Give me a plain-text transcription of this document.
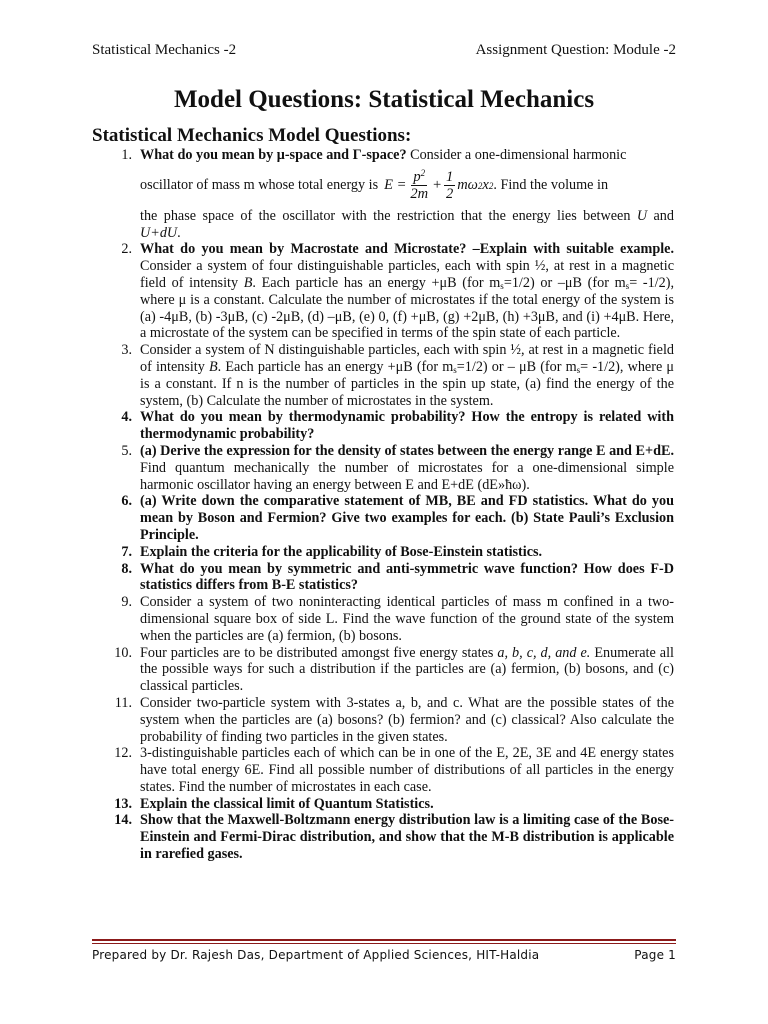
Statistical Mechanics -2	Assignment Question: Module -2
Model Questions: Statistical Mechanics
Statistical Mechanics Model Questions:
1. What do you mean by μ-space and Γ-space? Consider a one-dimensional harmonic
oscillator of mass m whose total energy is $E = \frac{p^2}{2m} + \frac{1}{2}$ mω 2 x 2 . Find the volume in
the phase space of the oscillator with the restriction that the energy lies between U and U+dU.
2. What do you mean by Macrostate and Microstate? –Explain with suitable example. Consider a system of four distinguishable particles, each with spin ½, at rest in a magnetic field of intensity B. Each particle has an energy +μB (for $m_s=1/2$) or –μB (for $m_s= -1/2$), where μ is a constant. Calculate the number of microstates if the total energy of the system is (a) -4μB, (b) -3μB, (c) -2μB, (d) –μB, (e) 0, (f) +μB, (g) +2μB, (h) +3μB, and (i) +4μB. Here, a microstate of the system can be specified in terms of the spin state of each particle.
3. Consider a system of N distinguishable particles, each with spin ½, at rest in a magnetic field of intensity B. Each particle has an energy +μB (for $m_s=1/2$) or – μB (for $m_s= -1/2$), where μ is a constant. If n is the number of particles in the spin up state, (a) find the energy of the system, (b) Calculate the number of microstates in the system.
4. What do you mean by thermodynamic probability? How the entropy is related with thermodynamic probability?
5. (a) Derive the expression for the density of states between the energy range E and E+dE. Find quantum mechanically the number of microstates for a one-dimensional simple harmonic oscillator having an energy between E and E+dE (dE»ħω).
6. (a) Write down the comparative statement of MB, BE and FD statistics. What do you mean by Boson and Fermion? Give two examples for each. (b) State Pauli’s Exclusion Principle.
7. Explain the criteria for the applicability of Bose-Einstein statistics.
8. What do you mean by symmetric and anti-symmetric wave function? How does F-D statistics differs from B-E statistics?
9. Consider a system of two noninteracting identical particles of mass m confined in a two-dimensional square box of side L. Find the wave function of the ground state of the system when the particles are (a) fermion, (b) bosons.
10. Four particles are to be distributed amongst five energy states a, b, c, d, and e. Enumerate all the possible ways for such a distribution if the particles are (a) fermion, (b) bosons, and (c) classical particles.
11. Consider two-particle system with 3-states a, b, and c. What are the possible states of the system when the particles are (a) bosons? (b) fermion? and (c) classical? Also calculate the probability of finding two particles in the given states.
12. 3-distinguishable particles each of which can be in one of the E, 2E, 3E and 4E energy states have total energy 6E. Find all possible number of distributions of all particles in the energy states. Find the number of microstates in each case.
13. Explain the classical limit of Quantum Statistics.
14. Show that the Maxwell-Boltzmann energy distribution law is a limiting case of the Bose-Einstein and Fermi-Dirac distribution, and show that the M-B distribution is applicable in rarefied gases.
Prepared by Dr. Rajesh Das, Department of Applied Sciences, HIT-Haldia	Page 1
